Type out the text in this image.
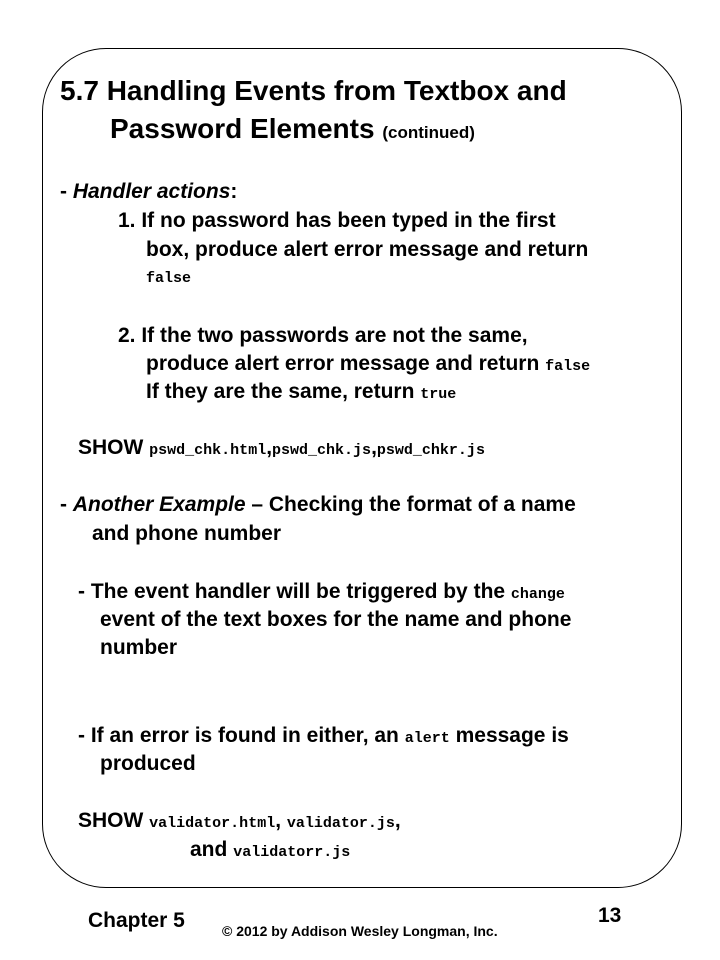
5.7 Handling Events from Textbox and
Password Elements (continued)
- Handler actions:
1. If no password has been typed in the first
box, produce alert error message and return
false
2. If the two passwords are not the same,
produce alert error message and return false
If they are the same, return true
SHOW pswd_chk.html,pswd_chk.js,pswd_chkr.js
- Another Example – Checking the format of a name
and phone number
- The event handler will be triggered by the change
event of the text boxes for the name and phone
number
- If an error is found in either, an alert message is
produced
SHOW validator.html, validator.js,
and validatorr.js
Chapter 5	© 2012 by Addison Wesley Longman, Inc.
13
